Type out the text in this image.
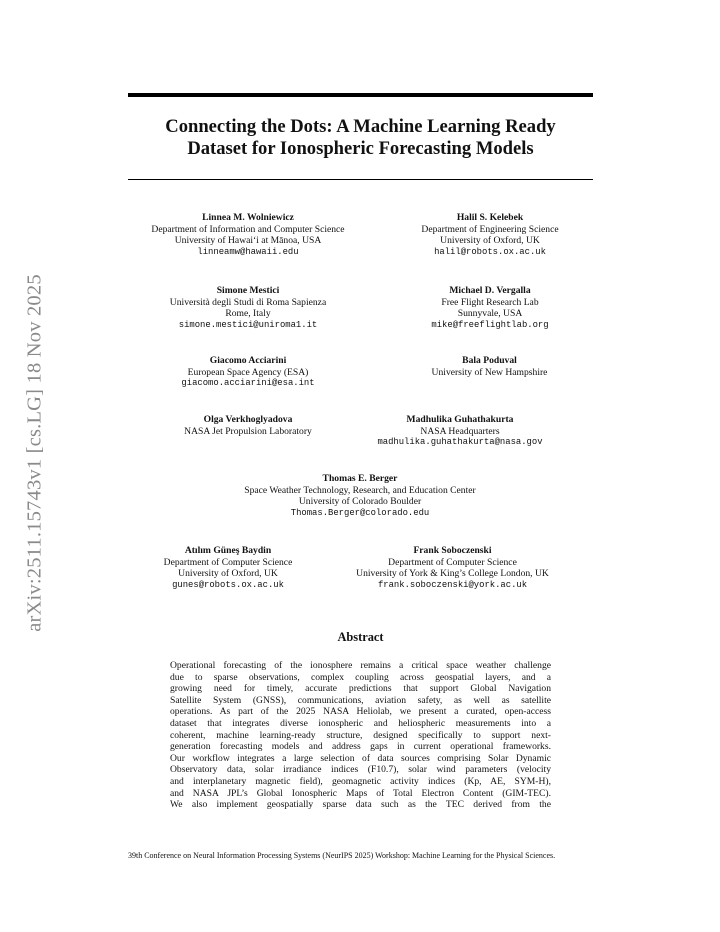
arXiv:2511.15743v1 [cs.LG] 18 Nov 2025
Connecting the Dots: A Machine Learning Ready
Dataset for Ionospheric Forecasting Models
Linnea M. Wolniewicz
Department of Information and Computer Science
University of Hawai‘i at Mānoa, USA
linneamw@hawaii.edu
Halil S. Kelebek
Department of Engineering Science
University of Oxford, UK
halil@robots.ox.ac.uk
Simone Mestici
Università degli Studi di Roma Sapienza
Rome, Italy
simone.mestici@uniroma1.it
Michael D. Vergalla
Free Flight Research Lab
Sunnyvale, USA
mike@freeflightlab.org
Giacomo Acciarini
European Space Agency (ESA)
giacomo.acciarini@esa.int
Bala Poduval
University of New Hampshire
Olga Verkhoglyadova
NASA Jet Propulsion Laboratory
Madhulika Guhathakurta
NASA Headquarters
madhulika.guhathakurta@nasa.gov
Thomas E. Berger
Space Weather Technology, Research, and Education Center
University of Colorado Boulder
Thomas.Berger@colorado.edu
Atılım Güneş Baydin
Department of Computer Science
University of Oxford, UK
gunes@robots.ox.ac.uk
Frank Soboczenski
Department of Computer Science
University of York & King’s College London, UK
frank.soboczenski@york.ac.uk
Abstract
Operational forecasting of the ionosphere remains a critical space weather challenge
due to sparse observations, complex coupling across geospatial layers, and a
growing need for timely, accurate predictions that support Global Navigation
Satellite System (GNSS), communications, aviation safety, as well as satellite
operations. As part of the 2025 NASA Heliolab, we present a curated, open-access
dataset that integrates diverse ionospheric and heliospheric measurements into a
coherent, machine learning-ready structure, designed specifically to support next-
generation forecasting models and address gaps in current operational frameworks.
Our workflow integrates a large selection of data sources comprising Solar Dynamic
Observatory data, solar irradiance indices (F10.7), solar wind parameters (velocity
and interplanetary magnetic field), geomagnetic activity indices (Kp, AE, SYM-H),
and NASA JPL’s Global Ionospheric Maps of Total Electron Content (GIM-TEC).
We also implement geospatially sparse data such as the TEC derived from the
39th Conference on Neural Information Processing Systems (NeurIPS 2025) Workshop: Machine Learning for the Physical Sciences.
